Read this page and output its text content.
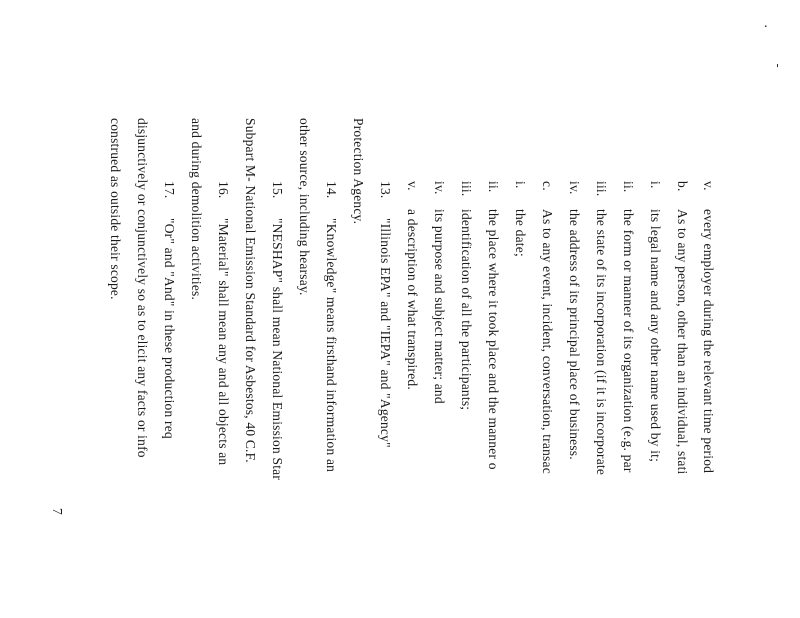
v.
every employer during the relevant time period
b.
As to any person, other than an individual, stati
i.
its legal name and any other name used by it;
ii.
the form or manner of its organization (e.g. par
iii.
the state of its incorporation (if it is incorporate
iv.
the address of its principal place of business.
c.
As to any event, incident, conversation, transac
i.
the date;
ii.
the place where it took place and the manner o
iii.
identification of all the participants;
iv.
its purpose and subject matter; and
v.
a description of what transpired.
13.
"Illinois EPA" and "IEPA" and "Agency"
Protection Agency.
14.
"Knowledge" means firsthand information an
other source, including hearsay.
15.
"NESHAP" shall mean National Emission Star
Subpart M- National Emission Standard for Asbestos, 40 C.F.
16.
"Material" shall mean any and all objects an
and during demolition activities.
17.
"Or" and "And" in these production req
disjunctively or conjunctively so as to elicit any facts or info
construed as outside their scope.
7
.
-
